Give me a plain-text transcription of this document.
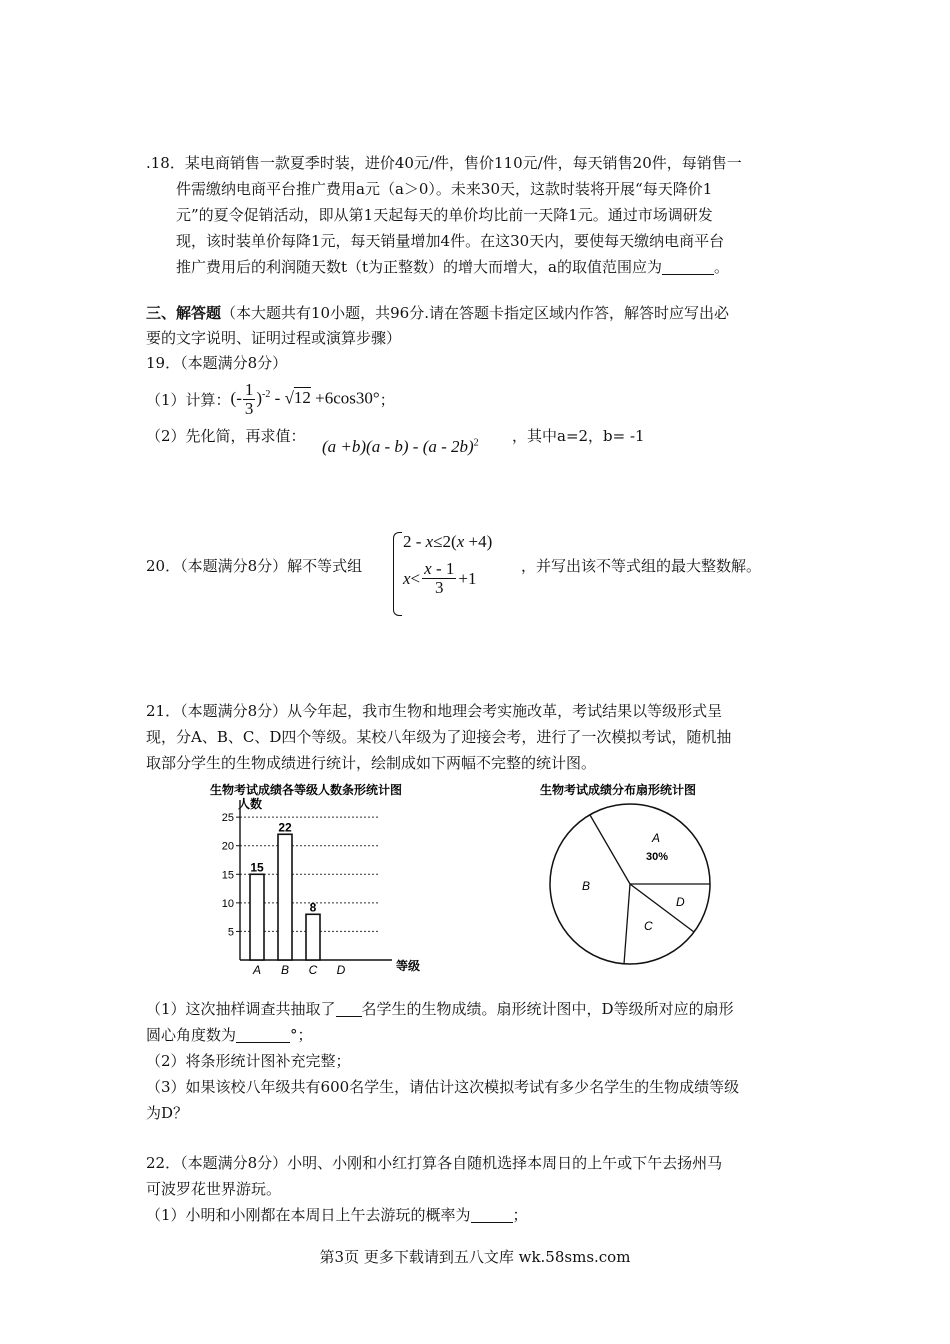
.18．某电商销售一款夏季时装，进价40元/件，售价110元/件，每天销售20件，每销售一
件需缴纳电商平台推广费用a元（a＞0）。未来30天，这款时装将开展“每天降价1
元”的夏令促销活动，即从第1天起每天的单价均比前一天降1元。通过市场调研发
现，该时装单价每降1元，每天销量增加4件。在这30天内，要使每天缴纳电商平台
推广费用后的利润随天数t（t为正整数）的增大而增大，a的取值范围应为	。
三、解答题（本大题共有10小题，共96分.请在答题卡指定区域内作答，解答时应写出必
要的文字说明、证明过程或演算步骤）
19．（本题满分8分）
（1）计算： (- $\frac{1}{3} )^{-2} - √12 +6\cos 30^\circ$ ；
（2）先化简，再求值：
(a +b)(a - b) - (a - 2b)$^2$ ，其中a=2，b= -1
20．（本题满分8分）解不等式组
2 - x≤2(x +4)
$x < \frac{x - 1}{3} +1$
，并写出该不等式组的最大整数解。
21．（本题满分8分）从今年起，我市生物和地理会考实施改革，考试结果以等级形式呈
现，分A、B、C、D四个等级。某校八年级为了迎接会考，进行了一次模拟考试，随机抽
取部分学生的生物成绩进行统计，绘制成如下两幅不完整的统计图。
生物考试成绩各等级人数条形统计图
人数
5
10
15
20
25
15
22
8
A B C D	等级
生物考试成绩分布扇形统计图
A
30%
B
C
D
（1）这次抽样调查共抽取了 名学生的生物成绩。扇形统计图中，D等级所对应的扇形
圆心角度数为	°；
（2）将条形统计图补充完整；
（3）如果该校八年级共有600名学生，请估计这次模拟考试有多少名学生的生物成绩等级
为D？
22．（本题满分8分）小明、小刚和小红打算各自随机选择本周日的上午或下午去扬州马
可波罗花世界游玩。
（1）小明和小刚都在本周日上午去游玩的概率为	；
第3页 更多下载请到五八文库 wk.58sms.com
